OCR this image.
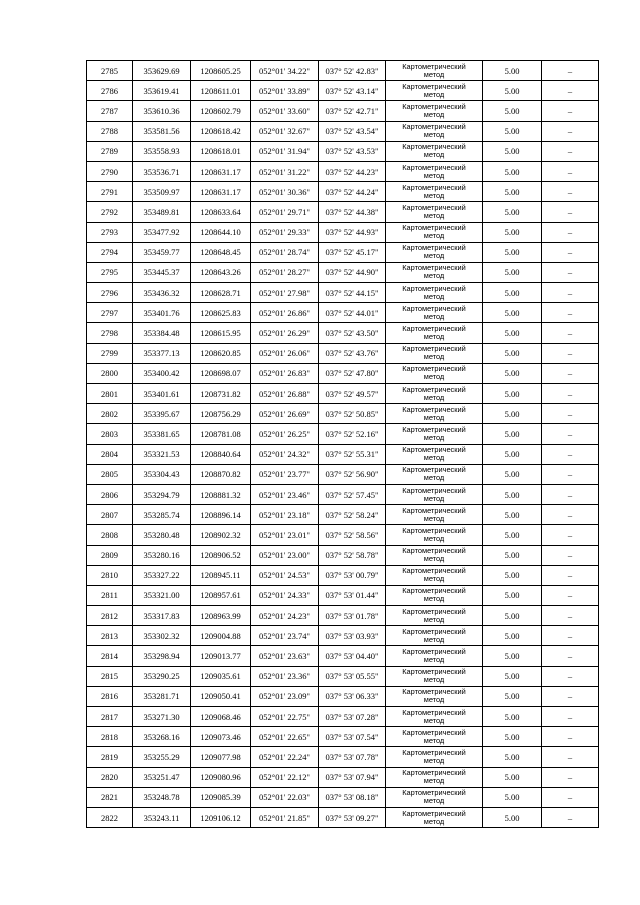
2785	353629.69	1208605.25	052°01' 34.22"	037° 52' 42.83"	Картометрический
метод	5.00	–
2786	353619.41	1208611.01	052°01' 33.89"	037° 52' 43.14"	Картометрический
метод	5.00	–
2787	353610.36	1208602.79	052°01' 33.60"	037° 52' 42.71"	Картометрический
метод	5.00	–
2788	353581.56	1208618.42	052°01' 32.67"	037° 52' 43.54"	Картометрический
метод	5.00	–
2789	353558.93	1208618.01	052°01' 31.94"	037° 52' 43.53"	Картометрический
метод	5.00	–
2790	353536.71	1208631.17	052°01' 31.22"	037° 52' 44.23"	Картометрический
метод	5.00	–
2791	353509.97	1208631.17	052°01' 30.36"	037° 52' 44.24"	Картометрический
метод	5.00	–
2792	353489.81	1208633.64	052°01' 29.71"	037° 52' 44.38"	Картометрический
метод	5.00	–
2793	353477.92	1208644.10	052°01' 29.33"	037° 52' 44.93"	Картометрический
метод	5.00	–
2794	353459.77	1208648.45	052°01' 28.74"	037° 52' 45.17"	Картометрический
метод	5.00	–
2795	353445.37	1208643.26	052°01' 28.27"	037° 52' 44.90"	Картометрический
метод	5.00	–
2796	353436.32	1208628.71	052°01' 27.98"	037° 52' 44.15"	Картометрический
метод	5.00	–
2797	353401.76	1208625.83	052°01' 26.86"	037° 52' 44.01"	Картометрический
метод	5.00	–
2798	353384.48	1208615.95	052°01' 26.29"	037° 52' 43.50"	Картометрический
метод	5.00	–
2799	353377.13	1208620.85	052°01' 26.06"	037° 52' 43.76"	Картометрический
метод	5.00	–
2800	353400.42	1208698.07	052°01' 26.83"	037° 52' 47.80"	Картометрический
метод	5.00	–
2801	353401.61	1208731.82	052°01' 26.88"	037° 52' 49.57"	Картометрический
метод	5.00	–
2802	353395.67	1208756.29	052°01' 26.69"	037° 52' 50.85"	Картометрический
метод	5.00	–
2803	353381.65	1208781.08	052°01' 26.25"	037° 52' 52.16"	Картометрический
метод	5.00	–
2804	353321.53	1208840.64	052°01' 24.32"	037° 52' 55.31"	Картометрический
метод	5.00	–
2805	353304.43	1208870.82	052°01' 23.77"	037° 52' 56.90"	Картометрический
метод	5.00	–
2806	353294.79	1208881.32	052°01' 23.46"	037° 52' 57.45"	Картометрический
метод	5.00	–
2807	353285.74	1208896.14	052°01' 23.18"	037° 52' 58.24"	Картометрический
метод	5.00	–
2808	353280.48	1208902.32	052°01' 23.01"	037° 52' 58.56"	Картометрический
метод	5.00	–
2809	353280.16	1208906.52	052°01' 23.00"	037° 52' 58.78"	Картометрический
метод	5.00	–
2810	353327.22	1208945.11	052°01' 24.53"	037° 53' 00.79"	Картометрический
метод	5.00	–
2811	353321.00	1208957.61	052°01' 24.33"	037° 53' 01.44"	Картометрический
метод	5.00	–
2812	353317.83	1208963.99	052°01' 24.23"	037° 53' 01.78"	Картометрический
метод	5.00	–
2813	353302.32	1209004.88	052°01' 23.74"	037° 53' 03.93"	Картометрический
метод	5.00	–
2814	353298.94	1209013.77	052°01' 23.63"	037° 53' 04.40"	Картометрический
метод	5.00	–
2815	353290.25	1209035.61	052°01' 23.36"	037° 53' 05.55"	Картометрический
метод	5.00	–
2816	353281.71	1209050.41	052°01' 23.09"	037° 53' 06.33"	Картометрический
метод	5.00	–
2817	353271.30	1209068.46	052°01' 22.75"	037° 53' 07.28"	Картометрический
метод	5.00	–
2818	353268.16	1209073.46	052°01' 22.65"	037° 53' 07.54"	Картометрический
метод	5.00	–
2819	353255.29	1209077.98	052°01' 22.24"	037° 53' 07.78"	Картометрический
метод	5.00	–
2820	353251.47	1209080.96	052°01' 22.12"	037° 53' 07.94"	Картометрический
метод	5.00	–
2821	353248.78	1209085.39	052°01' 22.03"	037° 53' 08.18"	Картометрический
метод	5.00	–
2822	353243.11	1209106.12	052°01' 21.85"	037° 53' 09.27"	Картометрический
метод	5.00	–
